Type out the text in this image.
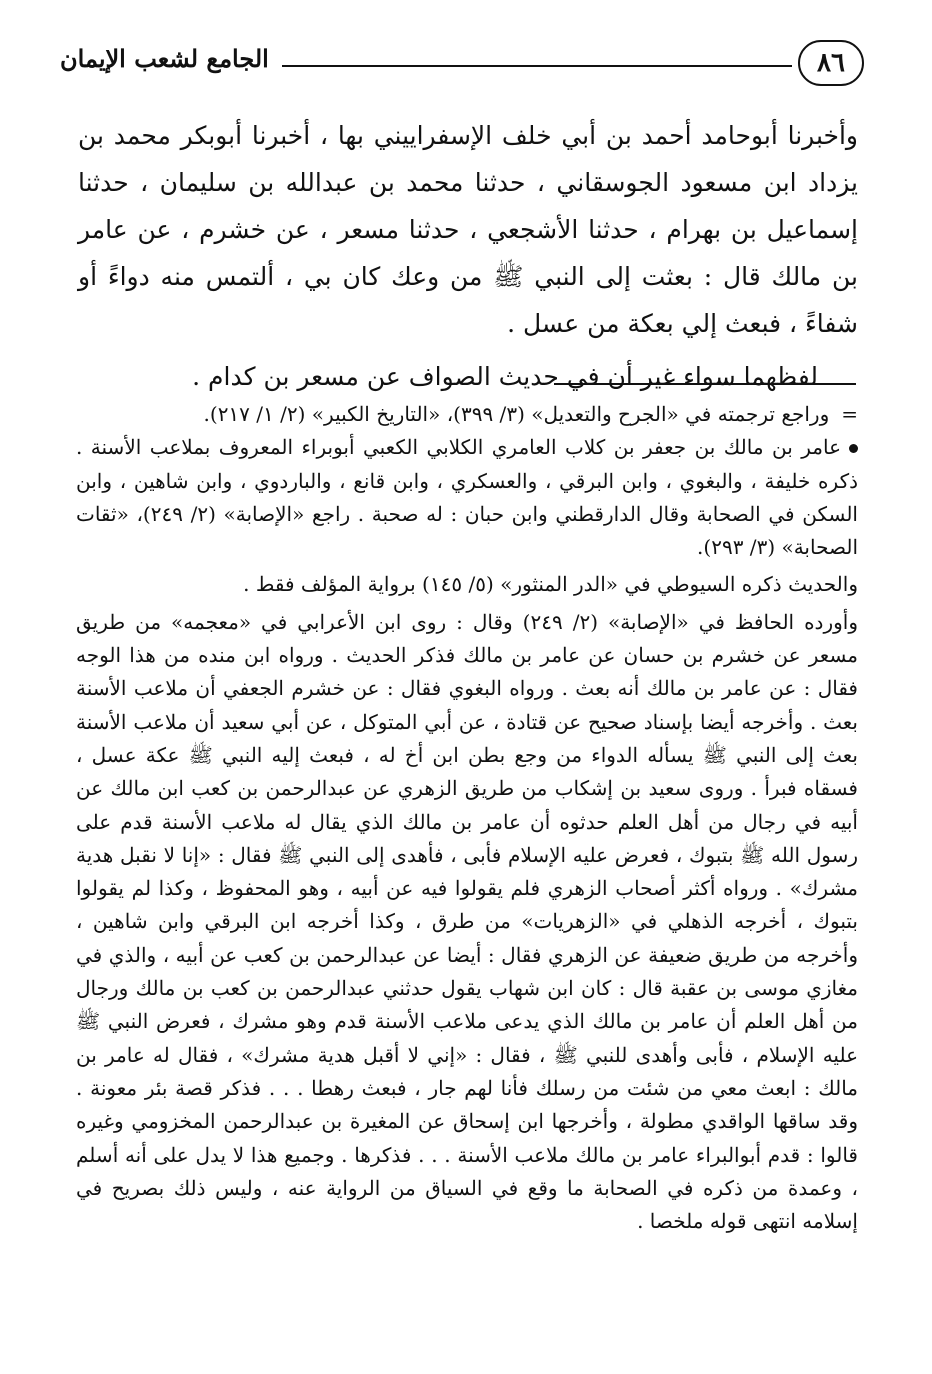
٨٦
الجامع لشعب الإيمان

وأخبرنا أبوحامد أحمد بن أبي خلف الإسفراييني بها ، أخبرنا أبوبكر محمد بن يزداد ابن مسعود الجوسقاني ، حدثنا محمد بن عبدالله بن سليمان ، حدثنا إسماعيل بن بهرام ، حدثنا الأشجعي ، حدثنا مسعر ، عن خشرم ، عن عامر بن مالك قال : بعثت إلى النبي ﷺ من وعك كان بي ، ألتمس منه دواءً أو شفاءً ، فبعث إلي بعكة من عسل .

لفظهما سواء غير أن في حديث الصواف عن مسعر بن كدام .

=وراجع ترجمته في «الجرح والتعديل» (٣/ ٣٩٩)، «التاريخ الكبير» (٢/ ١/ ٢١٧).

عامر بن مالك بن جعفر بن كلاب العامري الكلابي الكعبي أبوبراء المعروف بملاعب الأسنة . ذكره خليفة ، والبغوي ، وابن البرقي ، والعسكري ، وابن قانع ، والباردوي ، وابن شاهين ، وابن السكن في الصحابة وقال الدارقطني وابن حبان : له صحبة . راجع «الإصابة» (٢/ ٢٤٩)، «ثقات الصحابة» (٣/ ٢٩٣).

والحديث ذكره السيوطي في «الدر المنثور» (٥/ ١٤٥) برواية المؤلف فقط .

وأورده الحافظ في «الإصابة» (٢/ ٢٤٩) وقال : روى ابن الأعرابي في «معجمه» من طريق مسعر عن خشرم بن حسان عن عامر بن مالك فذكر الحديث . ورواه ابن منده من هذا الوجه فقال : عن عامر بن مالك أنه بعث . ورواه البغوي فقال : عن خشرم الجعفي أن ملاعب الأسنة بعث . وأخرجه أيضا بإسناد صحيح عن قتادة ، عن أبي المتوكل ، عن أبي سعيد أن ملاعب الأسنة بعث إلى النبي ﷺ يسأله الدواء من وجع بطن ابن أخ له ، فبعث إليه النبي ﷺ عكة عسل ، فسقاه فبرأ . وروى سعيد بن إشكاب من طريق الزهري عن عبدالرحمن بن كعب ابن مالك عن أبيه في رجال من أهل العلم حدثوه أن عامر بن مالك الذي يقال له ملاعب الأسنة قدم على رسول الله ﷺ بتبوك ، فعرض عليه الإسلام فأبى ، فأهدى إلى النبي ﷺ فقال : «إنا لا نقبل هدية مشرك» . ورواه أكثر أصحاب الزهري فلم يقولوا فيه عن أبيه ، وهو المحفوظ ، وكذا لم يقولوا بتبوك ، أخرجه الذهلي في «الزهريات» من طرق ، وكذا أخرجه ابن البرقي وابن شاهين ، وأخرجه من طريق ضعيفة عن الزهري فقال : أيضا عن عبدالرحمن بن كعب عن أبيه ، والذي في مغازي موسى بن عقبة قال : كان ابن شهاب يقول حدثني عبدالرحمن بن كعب بن مالك ورجال من أهل العلم أن عامر بن مالك الذي يدعى ملاعب الأسنة قدم وهو مشرك ، فعرض النبي ﷺ عليه الإسلام ، فأبى وأهدى للنبي ﷺ ، فقال : «إني لا أقبل هدية مشرك» ، فقال له عامر بن مالك : ابعث معي من شئت من رسلك فأنا لهم جار ، فبعث رهطا . . . فذكر قصة بئر معونة . وقد ساقها الواقدي مطولة ، وأخرجها ابن إسحاق عن المغيرة بن عبدالرحمن المخزومي وغيره قالوا : قدم أبوالبراء عامر بن مالك ملاعب الأسنة . . . فذكرها . وجميع هذا لا يدل على أنه أسلم ، وعمدة من ذكره في الصحابة ما وقع في السياق من الرواية عنه ، وليس ذلك بصريح في إسلامه انتهى قوله ملخصا .
